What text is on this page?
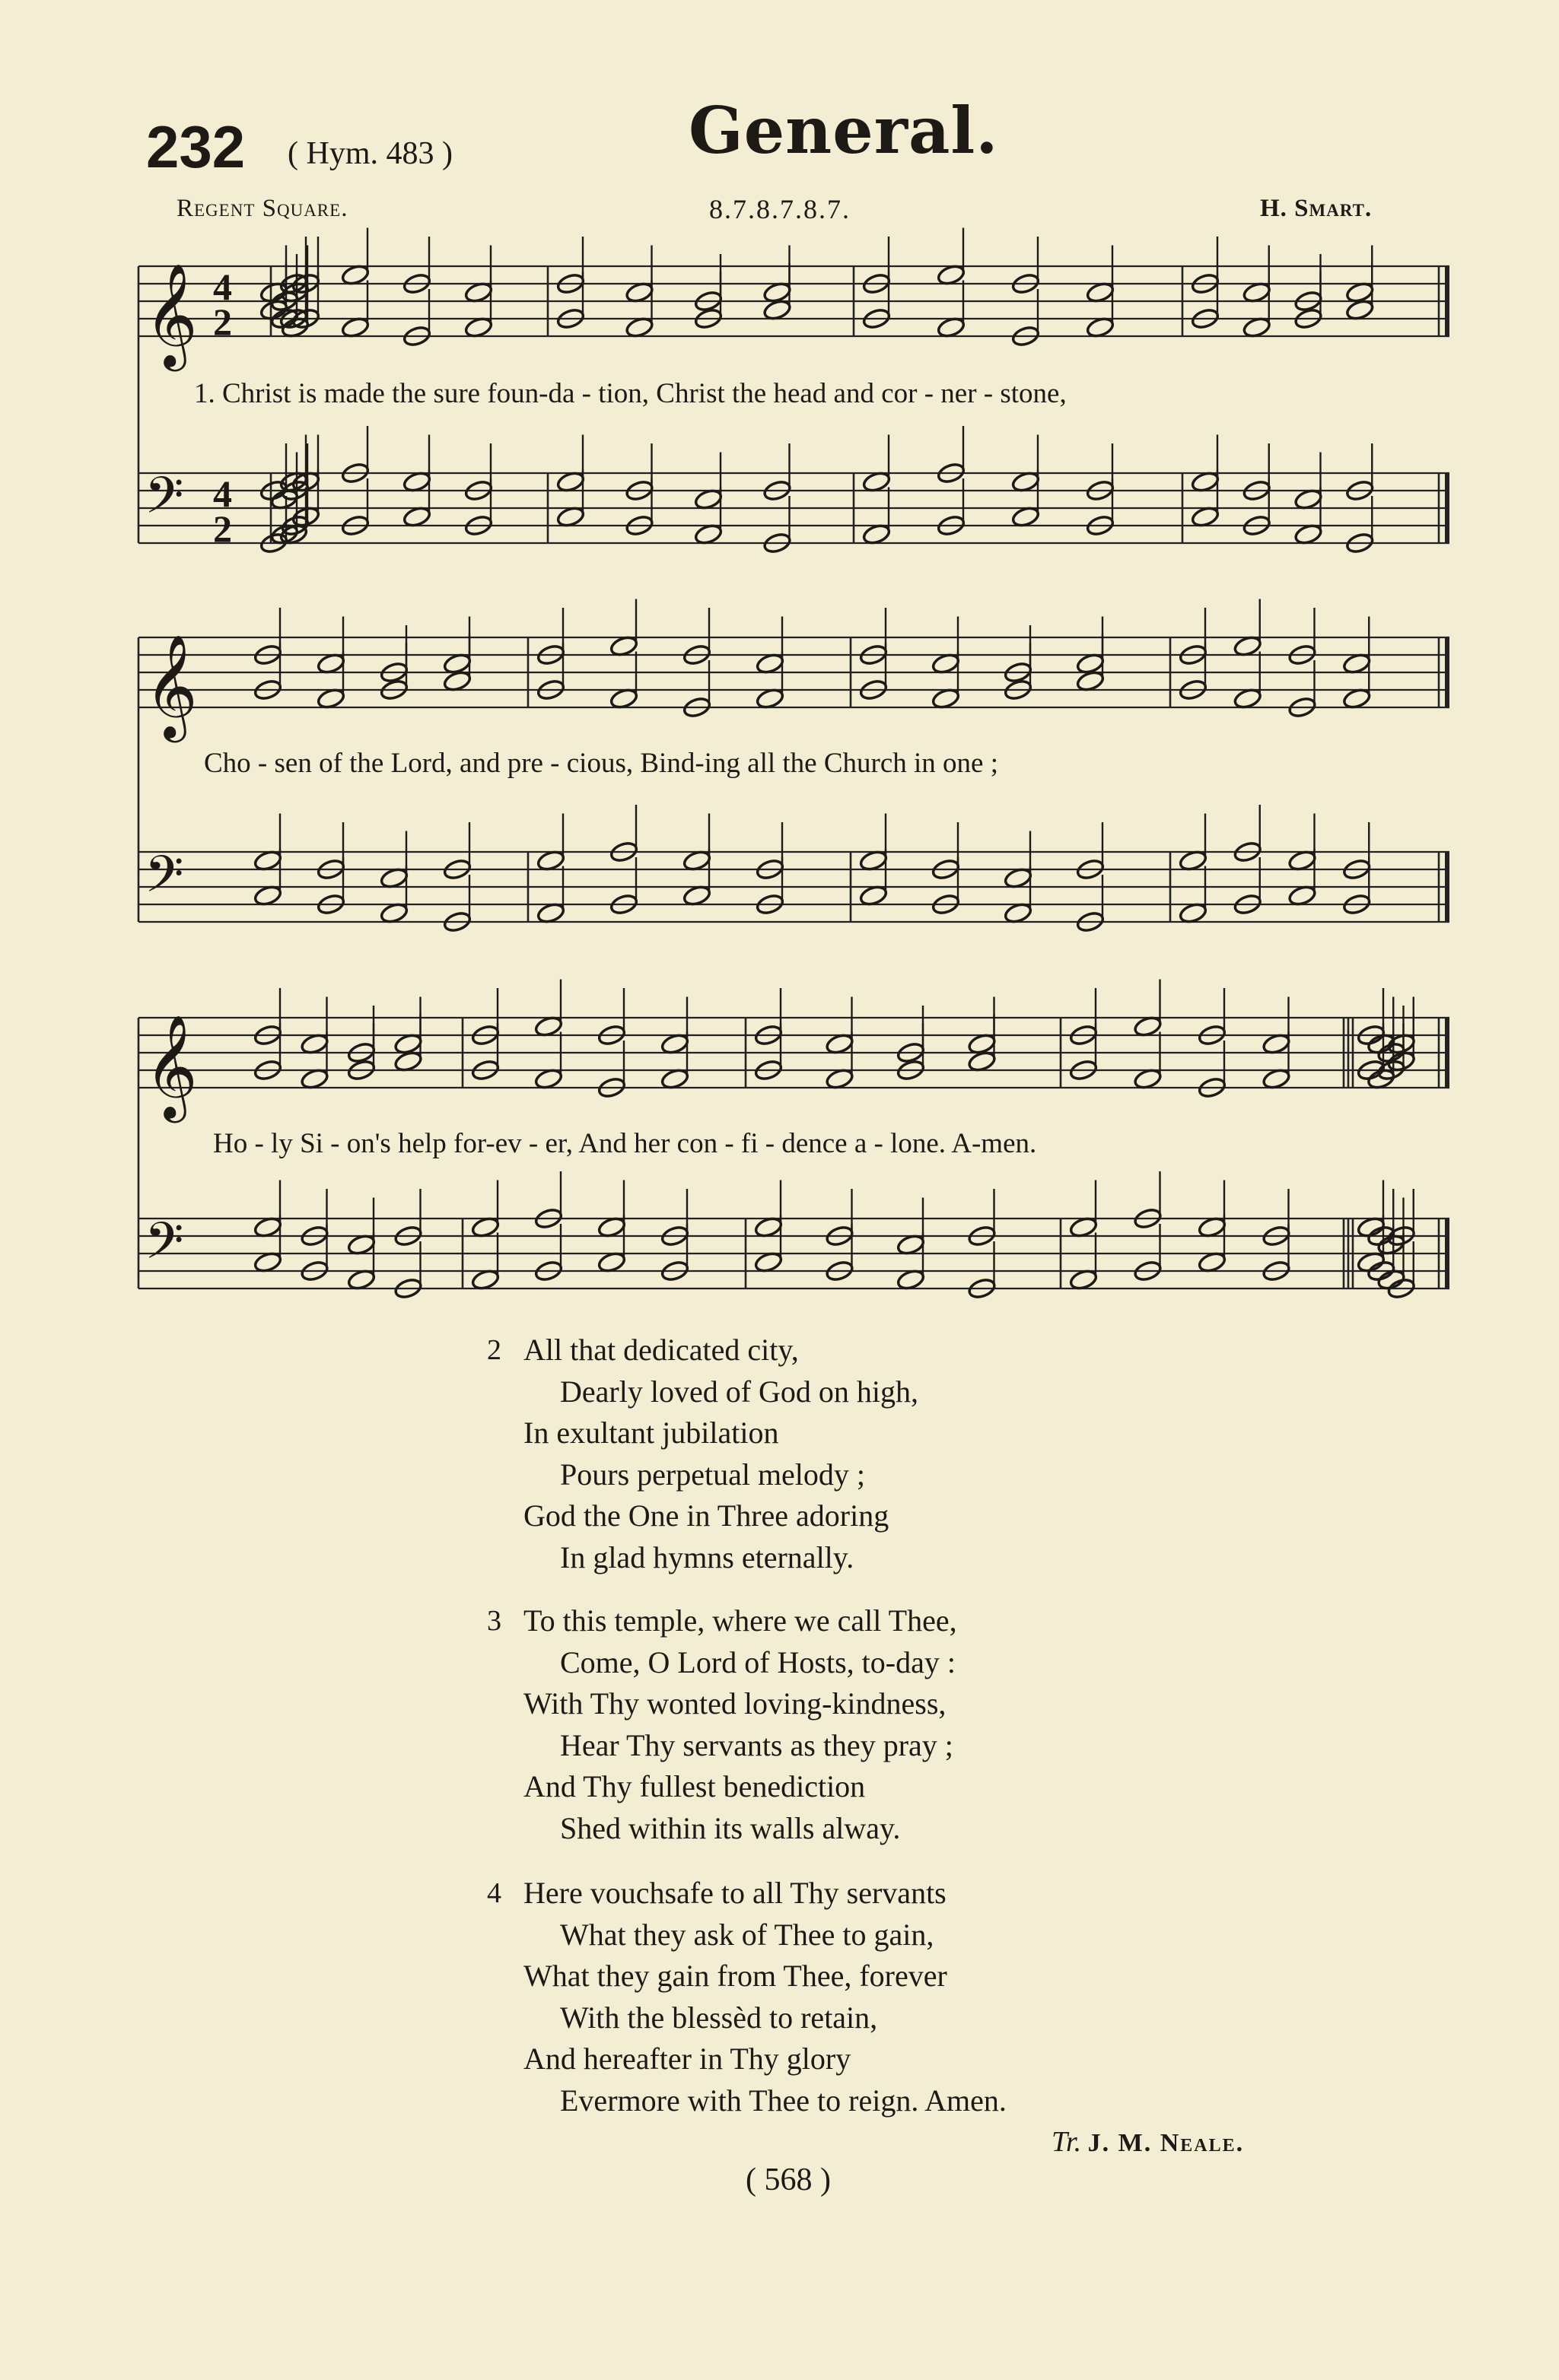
232 ( Hym. 483 )	General.
Regent Square.	8.7.8.7.8.7.	H. Smart.
𝄞 4
2
𝄢 4
2
𝄞
𝄢
𝄞
𝄢
1. Christ is made the sure foun-da - tion, Christ the head and cor - ner - stone,
Cho - sen of the Lord, and pre - cious, Bind-ing all the Church in one ;
Ho - ly Si - on's help for-ev - er, And her con - fi - dence a - lone. A-men.
2 All that dedicated city,
Dearly loved of God on high,
In exultant jubilation
Pours perpetual melody ;
God the One in Three adoring
In glad hymns eternally.
3 To this temple, where we call Thee,
Come, O Lord of Hosts, to-day :
With Thy wonted loving-kindness,
Hear Thy servants as they pray ;
And Thy fullest benediction
Shed within its walls alway.
4 Here vouchsafe to all Thy servants
What they ask of Thee to gain,
What they gain from Thee, forever
With the blessèd to retain,
And hereafter in Thy glory
Evermore with Thee to reign. Amen.
Tr. J. M. Neale.
( 568 )
